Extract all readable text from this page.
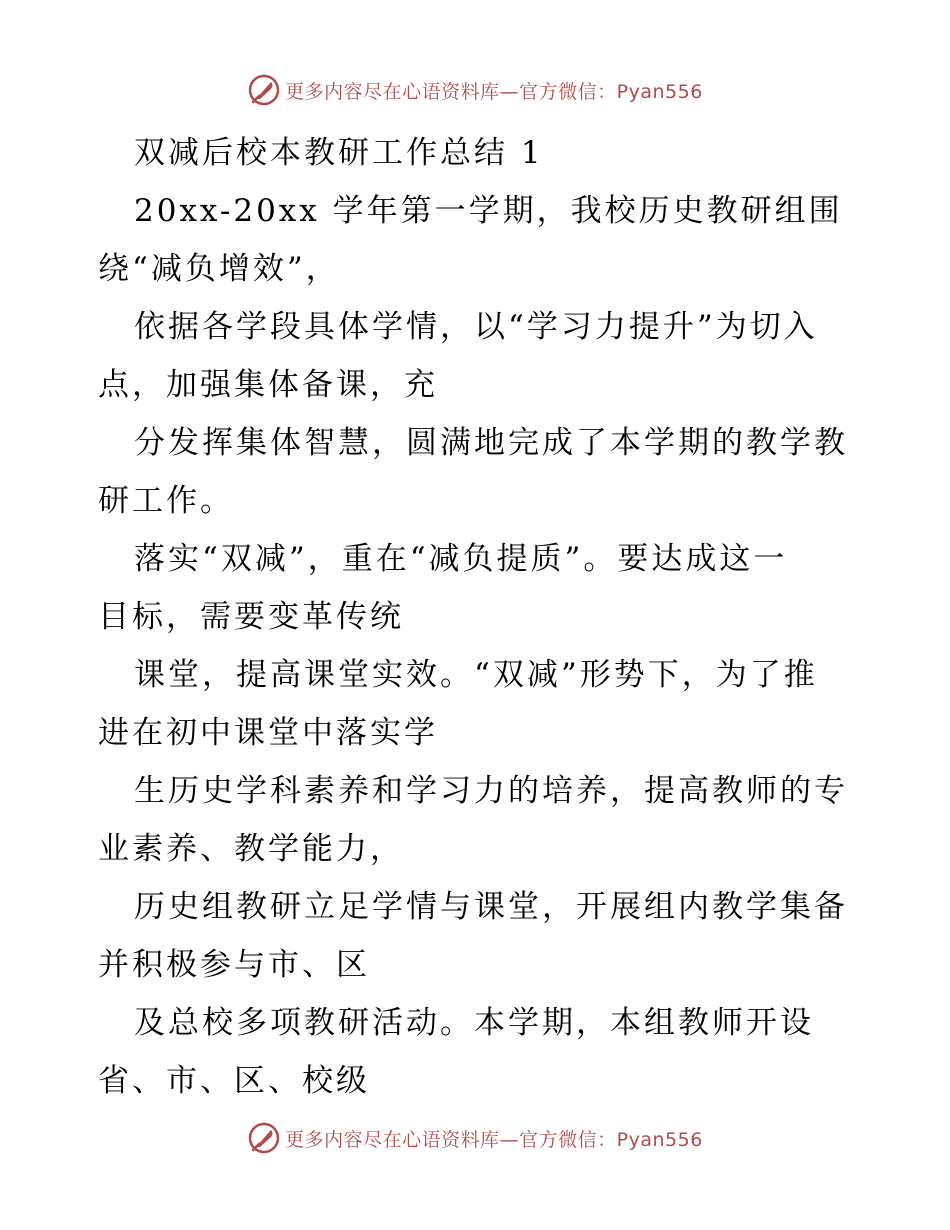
更多内容尽在心语资料库—官方微信：Pyan556
双减后校本教研工作总结 1
20xx-20xx 学年第一学期，我校历史教研组围
绕“减负增效”，
依据各学段具体学情，以“学习力提升”为切入
点，加强集体备课，充
分发挥集体智慧，圆满地完成了本学期的教学教
研工作。
落实“双减”，重在“减负提质”。要达成这一
目标，需要变革传统
课堂，提高课堂实效。“双减”形势下，为了推
进在初中课堂中落实学
生历史学科素养和学习力的培养，提高教师的专
业素养、教学能力，
历史组教研立足学情与课堂，开展组内教学集备
并积极参与市、区
及总校多项教研活动。本学期，本组教师开设
省、市、区、校级
更多内容尽在心语资料库—官方微信：Pyan556
